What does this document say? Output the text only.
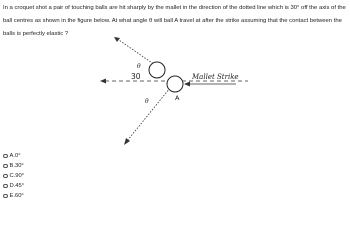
In a croquet shot a pair of touching balls are hit sharply by the mallet in the direction of the dotted line which is 30° off the axis of the ball centres as shown in the figure below. At what angle θ will ball A travel at after the strike assuming that the contact between the balls is perfectly elastic ?

30
θ
θ	A
Mallet Strike
A.0°
B.30°
C.90°
D.45°
E.60°
